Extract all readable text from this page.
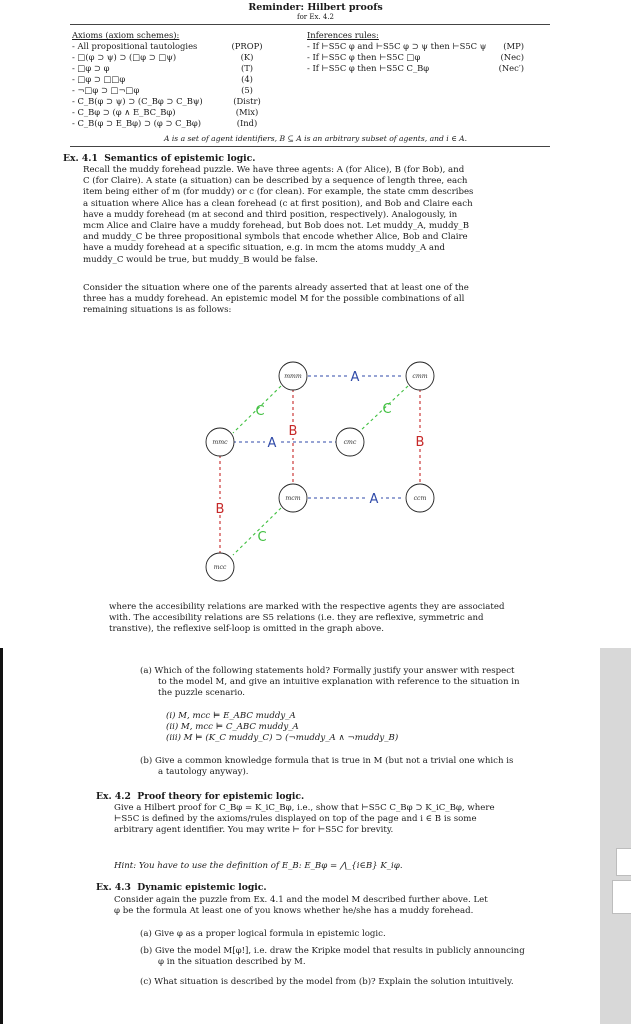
Reminder: Hilbert proofs
for Ex. 4.2
Axioms (axiom schemes):	Inferences rules:
- All propositional tautologies	(PROP)
- □(φ ⊃ ψ) ⊃ (□φ ⊃ □ψ)	(K)
- □φ ⊃ φ	(T)
- □φ ⊃ □□φ	(4)
- ¬□φ ⊃ □¬□φ	(5)
- C_B(φ ⊃ ψ) ⊃ (C_Bφ ⊃ C_Bψ)	(Distr)
- C_Bφ ⊃ (φ ∧ E_BC_Bφ)	(Mix)
- C_B(φ ⊃ E_Bφ) ⊃ (φ ⊃ C_Bφ)	(Ind)
- If ⊢S5C φ and ⊢S5C φ ⊃ ψ then ⊢S5C ψ	(MP)
- If ⊢S5C φ then ⊢S5C □φ	(Nec)
- If ⊢S5C φ then ⊢S5C C_Bφ	(Nec′)
A is a set of agent identifiers, B ⊆ A is an arbitrary subset of agents, and i ∈ A.
Ex. 4.1 Semantics of epistemic logic.
Recall the muddy forehead puzzle. We have three agents: A (for Alice), B (for Bob), and
C (for Claire). A state (a situation) can be described by a sequence of length three, each
item being either of m (for muddy) or c (for clean). For example, the state cmm describes
a situation where Alice has a clean forehead (c at first position), and Bob and Claire each
have a muddy forehead (m at second and third position, respectively). Analogously, in
mcm Alice and Claire have a muddy forehead, but Bob does not. Let muddy_A, muddy_B
and muddy_C be three propositional symbols that encode whether Alice, Bob and Claire
have a muddy forehead at a specific situation, e.g. in mcm the atoms muddy_A and
muddy_C would be true, but muddy_B would be false.
Consider the situation where one of the parents already asserted that at least one of the
three has a muddy forehead. An epistemic model M for the possible combinations of all
remaining situations is as follows:
mmm	cmm
mmc	cmc
mcm	ccm
mcc
A
A
A
B
B
B
C	C
C
where the accesibility relations are marked with the respective agents they are associated
with. The accesibility relations are S5 relations (i.e. they are reflexive, symmetric and
transtive), the reflexive self-loop is omitted in the graph above.
(a) Which of the following statements hold? Formally justify your answer with respect
to the model M, and give an intuitive explanation with reference to the situation in
the puzzle scenario.
(i) M, mcc ⊨ E_ABC muddy_A
(ii) M, mcc ⊨ C_ABC muddy_A
(iii) M ⊨ (K_C muddy_C) ⊃ (¬muddy_A ∧ ¬muddy_B)
(b) Give a common knowledge formula that is true in M (but not a trivial one which is
a tautology anyway).
Ex. 4.2 Proof theory for epistemic logic.
Give a Hilbert proof for C_Bφ = K_iC_Bφ, i.e., show that ⊢S5C C_Bφ ⊃ K_iC_Bφ, where
⊢S5C is defined by the axioms/rules displayed on top of the page and i ∈ B is some
arbitrary agent identifier. You may write ⊢ for ⊢S5C for brevity.
Hint: You have to use the definition of E_B: E_Bφ = ⋀_{i∈B} K_iφ.
Ex. 4.3 Dynamic epistemic logic.
Consider again the puzzle from Ex. 4.1 and the model M described further above. Let
φ be the formula At least one of you knows whether he/she has a muddy forehead.
(a) Give φ as a proper logical formula in epistemic logic.
(b) Give the model M[φ!], i.e. draw the Kripke model that results in publicly announcing
φ in the situation described by M.
(c) What situation is described by the model from (b)? Explain the solution intuitively.
